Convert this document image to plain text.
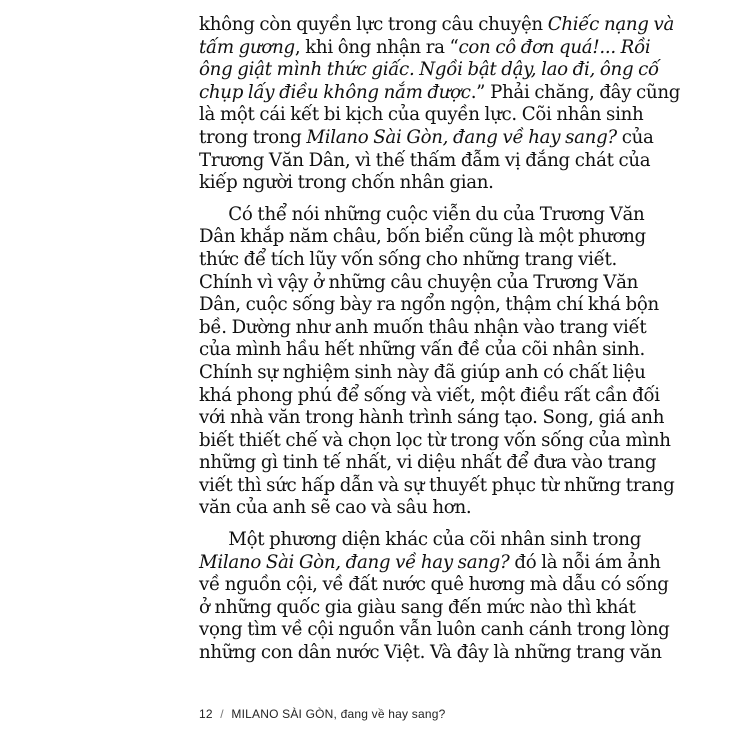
không còn quyền lực trong câu chuyện Chiếc nạng và
tấm gương, khi ông nhận ra “con cô đơn quá!... Rồi
ông giật mình thức giấc. Ngồi bật dậy, lao đi, ông cố
chụp lấy điều không nắm được.” Phải chăng, đây cũng
là một cái kết bi kịch của quyền lực. Cõi nhân sinh
trong trong Milano Sài Gòn, đang về hay sang? của
Trương Văn Dân, vì thế thấm đẫm vị đắng chát của
kiếp người trong chốn nhân gian.
Có thể nói những cuộc viễn du của Trương Văn
Dân khắp năm châu, bốn biển cũng là một phương
thức để tích lũy vốn sống cho những trang viết.
Chính vì vậy ở những câu chuyện của Trương Văn
Dân, cuộc sống bày ra ngổn ngộn, thậm chí khá bộn
bề. Dường như anh muốn thâu nhận vào trang viết
của mình hầu hết những vấn đề của cõi nhân sinh.
Chính sự nghiệm sinh này đã giúp anh có chất liệu
khá phong phú để sống và viết, một điều rất cần đối
với nhà văn trong hành trình sáng tạo. Song, giá anh
biết thiết chế và chọn lọc từ trong vốn sống của mình
những gì tinh tế nhất, vi diệu nhất để đưa vào trang
viết thì sức hấp dẫn và sự thuyết phục từ những trang
văn của anh sẽ cao và sâu hơn.
Một phương diện khác của cõi nhân sinh trong
Milano Sài Gòn, đang về hay sang? đó là nỗi ám ảnh
về nguồn cội, về đất nước quê hương mà dẫu có sống
ở những quốc gia giàu sang đến mức nào thì khát
vọng tìm về cội nguồn vẫn luôn canh cánh trong lòng
những con dân nước Việt. Và đây là những trang văn
12 / MILANO SÀI GÒN, đang về hay sang?
